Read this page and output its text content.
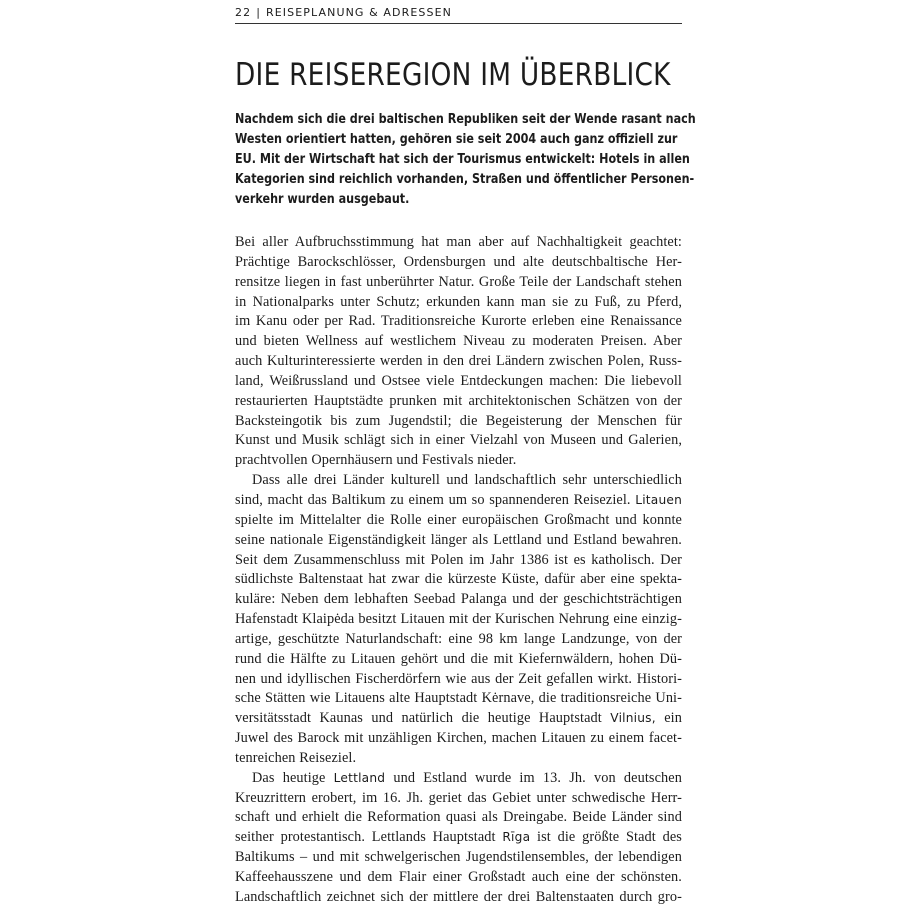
22 | REISEPLANUNG & ADRESSEN
DIE REISEREGION IM ÜBERBLICK
Nachdem sich die drei baltischen Republiken seit der Wende rasant nach
Westen orientiert hatten, gehören sie seit 2004 auch ganz offiziell zur
EU. Mit der Wirtschaft hat sich der Tourismus entwickelt: Hotels in allen
Kategorien sind reichlich vorhanden, Straßen und öffentlicher Personen-
verkehr wurden ausgebaut.
Bei aller Aufbruchsstimmung hat man aber auf Nachhaltigkeit geachtet:
Prächtige Barockschlösser, Ordensburgen und alte deutschbaltische Her-
rensitze liegen in fast unberührter Natur. Große Teile der Landschaft stehen
in Nationalparks unter Schutz; erkunden kann man sie zu Fuß, zu Pferd,
im Kanu oder per Rad. Traditionsreiche Kurorte erleben eine Renaissance
und bieten Wellness auf westlichem Niveau zu moderaten Preisen. Aber
auch Kulturinteressierte werden in den drei Ländern zwischen Polen, Russ-
land, Weißrussland und Ostsee viele Entdeckungen machen: Die liebevoll
restaurierten Hauptstädte prunken mit architektonischen Schätzen von der
Backsteingotik bis zum Jugendstil; die Begeisterung der Menschen für
Kunst und Musik schlägt sich in einer Vielzahl von Museen und Galerien,
prachtvollen Opernhäusern und Festivals nieder.
Dass alle drei Länder kulturell und landschaftlich sehr unterschiedlich
sind, macht das Baltikum zu einem um so spannenderen Reiseziel. Litauen
spielte im Mittelalter die Rolle einer europäischen Großmacht und konnte
seine nationale Eigenständigkeit länger als Lettland und Estland bewahren.
Seit dem Zusammenschluss mit Polen im Jahr 1386 ist es katholisch. Der
südlichste Baltenstaat hat zwar die kürzeste Küste, dafür aber eine spekta-
kuläre: Neben dem lebhaften Seebad Palanga und der geschichtsträchtigen
Hafenstadt Klaipėda besitzt Litauen mit der Kurischen Nehrung eine einzig-
artige, geschützte Naturlandschaft: eine 98 km lange Landzunge, von der
rund die Hälfte zu Litauen gehört und die mit Kiefernwäldern, hohen Dü-
nen und idyllischen Fischerdörfern wie aus der Zeit gefallen wirkt. Histori-
sche Stätten wie Litauens alte Hauptstadt Kėrnave, die traditionsreiche Uni-
versitätsstadt Kaunas und natürlich die heutige Hauptstadt Vilnius, ein
Juwel des Barock mit unzähligen Kirchen, machen Litauen zu einem facet-
tenreichen Reiseziel.
Das heutige Lettland und Estland wurde im 13. Jh. von deutschen
Kreuzrittern erobert, im 16. Jh. geriet das Gebiet unter schwedische Herr-
schaft und erhielt die Reformation quasi als Dreingabe. Beide Länder sind
seither protestantisch. Lettlands Hauptstadt Rīga ist die größte Stadt des
Baltikums – und mit schwelgerischen Jugendstilensembles, der lebendigen
Kaffeehausszene und dem Flair einer Großstadt auch eine der schönsten.
Landschaftlich zeichnet sich der mittlere der drei Baltenstaaten durch gro-
